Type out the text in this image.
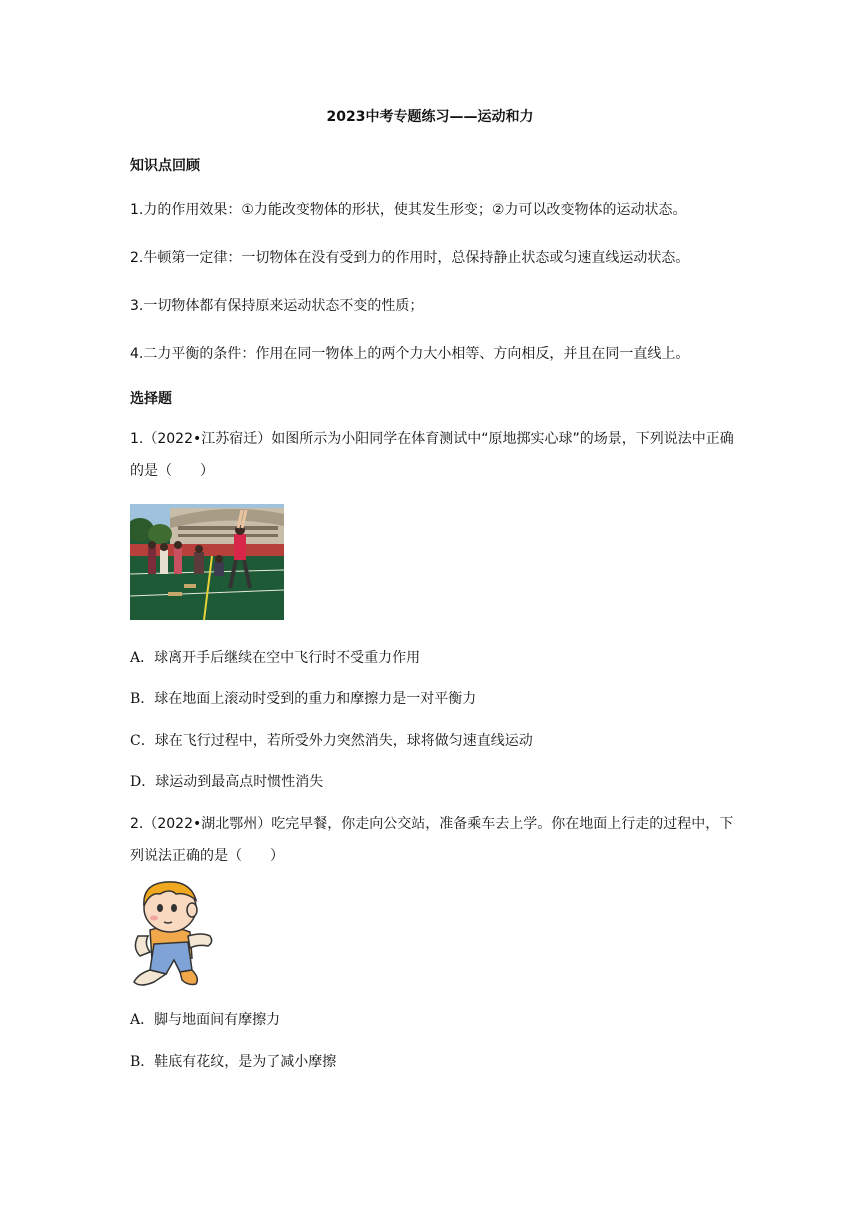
2023中考专题练习——运动和力
知识点回顾
1.力的作用效果：①力能改变物体的形状，使其发生形变；②力可以改变物体的运动状态。
2.牛顿第一定律：一切物体在没有受到力的作用时，总保持静止状态或匀速直线运动状态。
3.一切物体都有保持原来运动状态不变的性质；
4.二力平衡的条件：作用在同一物体上的两个力大小相等、方向相反，并且在同一直线上。
选择题
1.（2022•江苏宿迁）如图所示为小阳同学在体育测试中“原地掷实心球”的场景，下列说法中正确的是（　　）
A．球离开手后继续在空中飞行时不受重力作用
B．球在地面上滚动时受到的重力和摩擦力是一对平衡力
C．球在飞行过程中，若所受外力突然消失，球将做匀速直线运动
D．球运动到最高点时惯性消失
2.（2022•湖北鄂州）吃完早餐，你走向公交站，准备乘车去上学。你在地面上行走的过程中，下列说法正确的是（　　）
A．脚与地面间有摩擦力
B．鞋底有花纹，是为了减小摩擦
